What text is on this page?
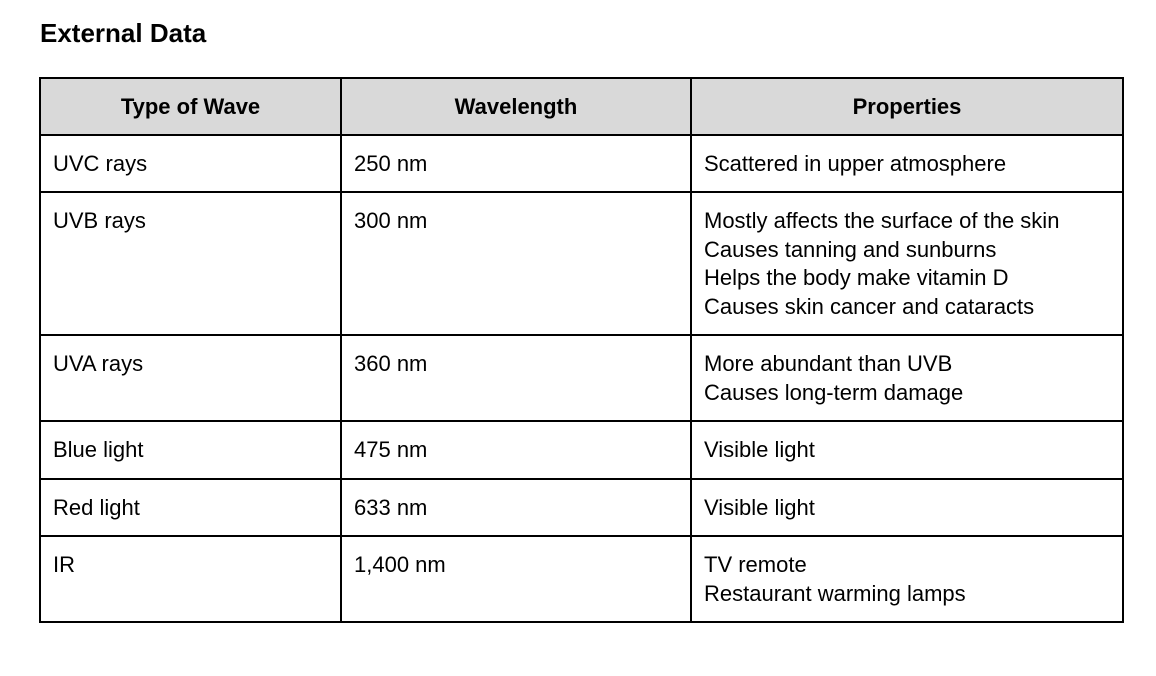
External Data
Type of Wave	Wavelength	Properties
UVC rays	250 nm	Scattered in upper atmosphere

UVB rays	300 nm	Mostly affects the surface of the skin
Causes tanning and sunburns
Helps the body make vitamin D
Causes skin cancer and cataracts

UVA rays	360 nm	More abundant than UVB
Causes long-term damage

Blue light	475 nm	Visible light

Red light	633 nm	Visible light

IR	1,400 nm	TV remote
Restaurant warming lamps
